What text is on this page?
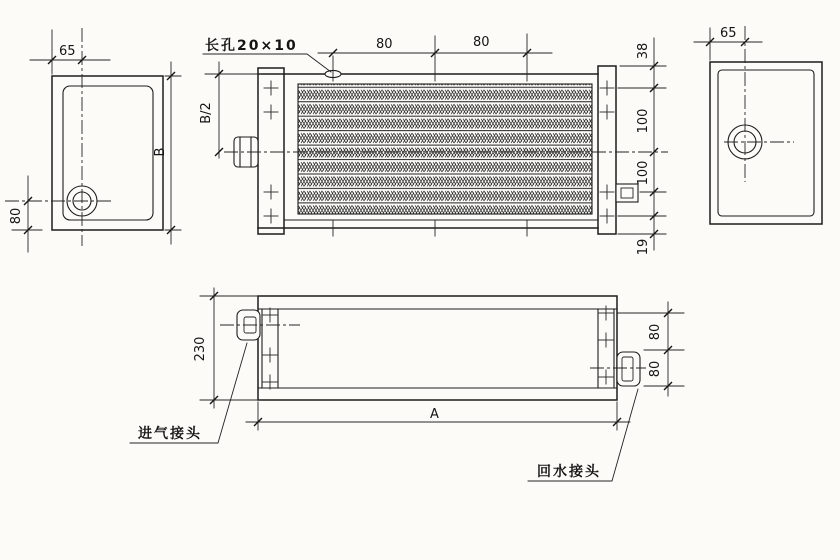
65
B
80
长孔20×10
B/2
80	80
38
100
100
19
65
230
A
80
80
进气接头
回水接头
